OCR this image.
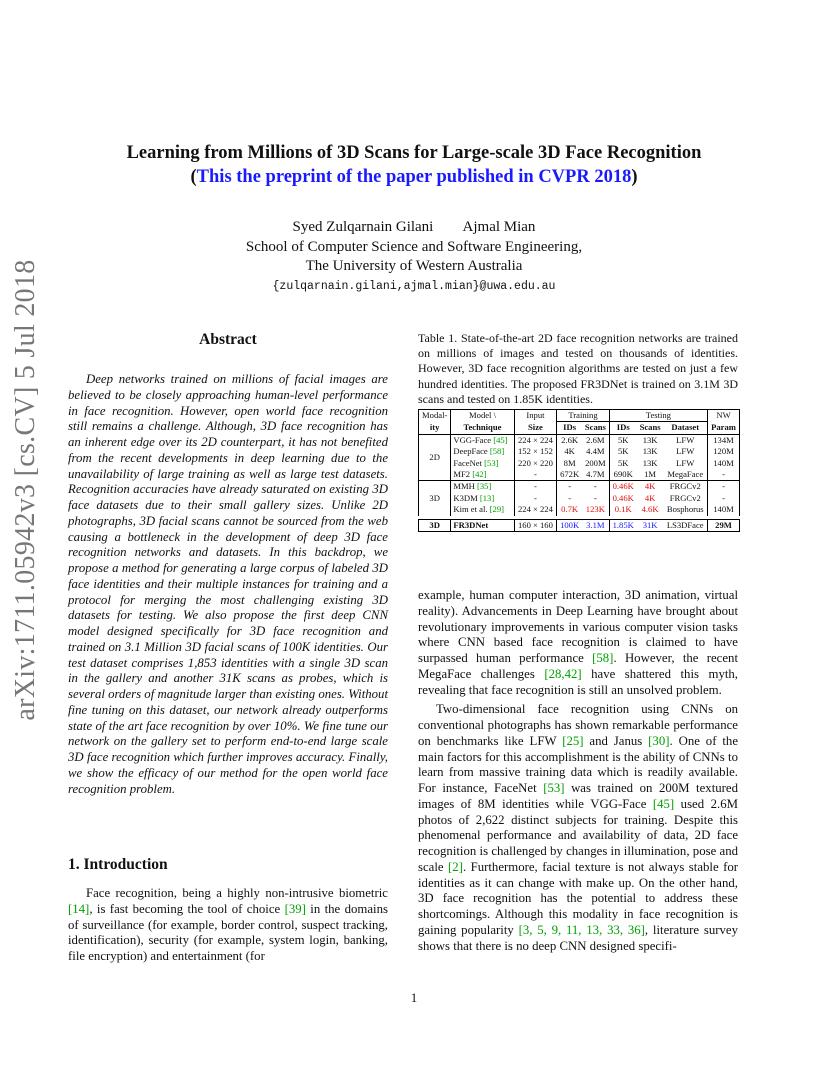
arXiv:1711.05942v3 [cs.CV] 5 Jul 2018
Learning from Millions of 3D Scans for Large-scale 3D Face Recognition
(This the preprint of the paper published in CVPR 2018)
Syed Zulqarnain Gilani        Ajmal Mian
School of Computer Science and Software Engineering,
The University of Western Australia
{zulqarnain.gilani,ajmal.mian}@uwa.edu.au
Abstract
Deep networks trained on millions of facial images are believed to be closely approaching human-level performance in face recognition. However, open world face recognition still remains a challenge. Although, 3D face recognition has an inherent edge over its 2D counterpart, it has not benefited from the recent developments in deep learning due to the unavailability of large training as well as large test datasets. Recognition accuracies have already saturated on existing 3D face datasets due to their small gallery sizes. Unlike 2D photographs, 3D facial scans cannot be sourced from the web causing a bottleneck in the development of deep 3D face recognition networks and datasets. In this backdrop, we propose a method for generating a large corpus of labeled 3D face identities and their multiple instances for training and a protocol for merging the most challenging existing 3D datasets for testing. We also propose the first deep CNN model designed specifically for 3D face recognition and trained on 3.1 Million 3D facial scans of 100K identities. Our test dataset comprises 1,853 identities with a single 3D scan in the gallery and another 31K scans as probes, which is several orders of magnitude larger than existing ones. Without fine tuning on this dataset, our network already outperforms state of the art face recognition by over 10%. We fine tune our network on the gallery set to perform end-to-end large scale 3D face recognition which further improves accuracy. Finally, we show the efficacy of our method for the open world face recognition problem.
1. Introduction

Face recognition, being a highly non-intrusive biometric [14], is fast becoming the tool of choice [39] in the domains of surveillance (for example, border control, suspect tracking, identification), security (for example, system login, banking, file encryption) and entertainment (for

Table 1. State-of-the-art 2D face recognition networks are trained on millions of images and tested on thousands of identities. However, 3D face recognition algorithms are tested on just a few hundred identities. The proposed FR3DNet is trained on 3.1M 3D scans and tested on 1.85K identities.
Modal-	Model \	Input	Training		Testing			NW
ity	Technique	Size	IDs	Scans	IDs	Scans	Dataset	Param
2D	VGG-Face [45]	224 × 224	2.6K	2.6M	5K	13K	LFW	134M
	DeepFace [58]	152 × 152	4K	4.4M	5K	13K	LFW	120M
	FaceNet [53]	220 × 220	8M	200M	5K	13K	LFW	140M
	MF2 [42]	-	672K	4.7M	690K	1M	MegaFace	-
3D	MMH [35]	-	-	-	0.46K	4K	FRGCv2	-
	K3DM [13]	-	-	-	0.46K	4K	FRGCv2	-
	Kim et al. [29]	224 × 224	0.7K	123K	0.1K	4.6K	Bosphorus	140M

3D	FR3DNet	160 × 160	100K	3.1M	1.85K	31K	LS3DFace	29M

example, human computer interaction, 3D animation, virtual reality). Advancements in Deep Learning have brought about revolutionary improvements in various computer vision tasks where CNN based face recognition is claimed to have surpassed human performance [58]. However, the recent MegaFace challenges [28,42] have shattered this myth, revealing that face recognition is still an unsolved problem.

Two-dimensional face recognition using CNNs on conventional photographs has shown remarkable performance on benchmarks like LFW [25] and Janus [30]. One of the main factors for this accomplishment is the ability of CNNs to learn from massive training data which is readily available. For instance, FaceNet [53] was trained on 200M textured images of 8M identities while VGG-Face [45] used 2.6M photos of 2,622 distinct subjects for training. Despite this phenomenal performance and availability of data, 2D face recognition is challenged by changes in illumination, pose and scale [2]. Furthermore, facial texture is not always stable for identities as it can change with make up. On the other hand, 3D face recognition has the potential to address these shortcomings. Although this modality in face recognition is gaining popularity [3, 5, 9, 11, 13, 33, 36], literature survey shows that there is no deep CNN designed specifi-

1
